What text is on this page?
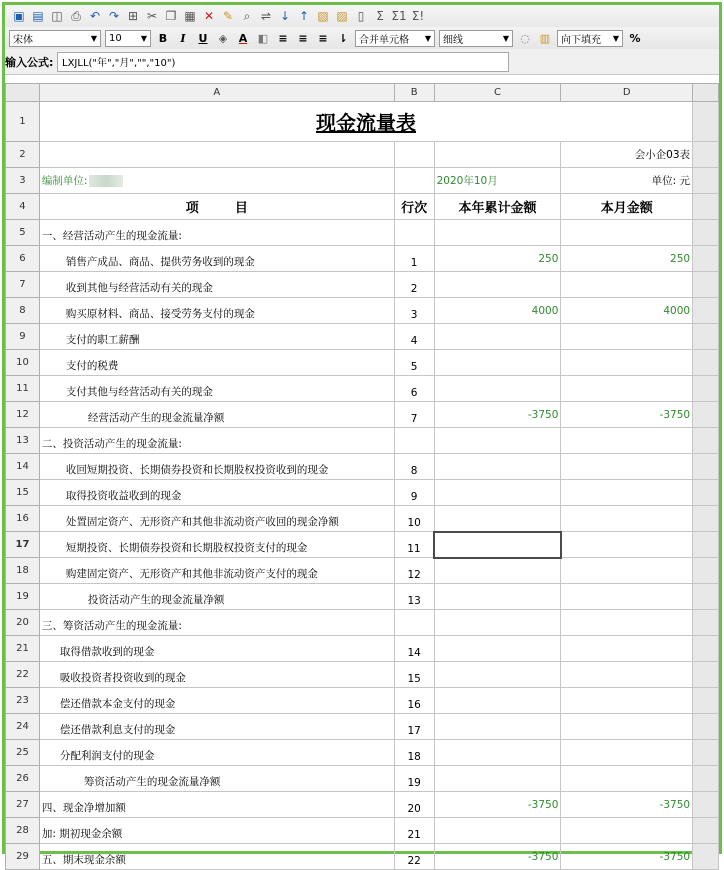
▣ ▤ ◫ ⎙ ↶ ↷ ⊞ ✂ ❐ ▦ ✕ ✎ ⌕ ⇌ ↓ ↑ ▧ ▨ ▯ Σ Σ1 Σ!
宋体	▼ 10 ▼	B	I	U	◈	A ◧ ≡ ≡ ≡ ⇂	合并单元格 ▼ 细线	▼ ◌ ▥ 向下填充 ▼ %
输入公式: LXJLL("年","月","","10")
	A	B	C	D	
1	现金流量表				
2				会小企03表	
3	编制单位:		2020年10月	单位: 元	
4	项        目	行次	本年累计金额	本月金额	
5	一、经营活动产生的现金流量:				
6	销售产成品、商品、提供劳务收到的现金	1	250	250	
7	收到其他与经营活动有关的现金	2			
8	购买原材料、商品、接受劳务支付的现金	3	4000	4000	
9	支付的职工薪酬	4			
10	支付的税费	5			
11	支付其他与经营活动有关的现金	6			
12	经营活动产生的现金流量净额	7	-3750	-3750	
13	二、投资活动产生的现金流量:				
14	收回短期投资、长期债券投资和长期股权投资收到的现金	8			
15	取得投资收益收到的现金	9			
16	处置固定资产、无形资产和其他非流动资产收回的现金净额	10			
17	短期投资、长期债券投资和长期股权投资支付的现金	11			
18	购建固定资产、无形资产和其他非流动资产支付的现金	12			
19	投资活动产生的现金流量净额	13			
20	三、筹资活动产生的现金流量:				
21	取得借款收到的现金	14			
22	吸收投资者投资收到的现金	15			
23	偿还借款本金支付的现金	16			
24	偿还借款利息支付的现金	17			
25	分配利润支付的现金	18			
26	筹资活动产生的现金流量净额	19			
27	四、现金净增加额	20	-3750	-3750	
28	加: 期初现金余额	21			
29	五、期末现金余额	22	-3750	-3750	
